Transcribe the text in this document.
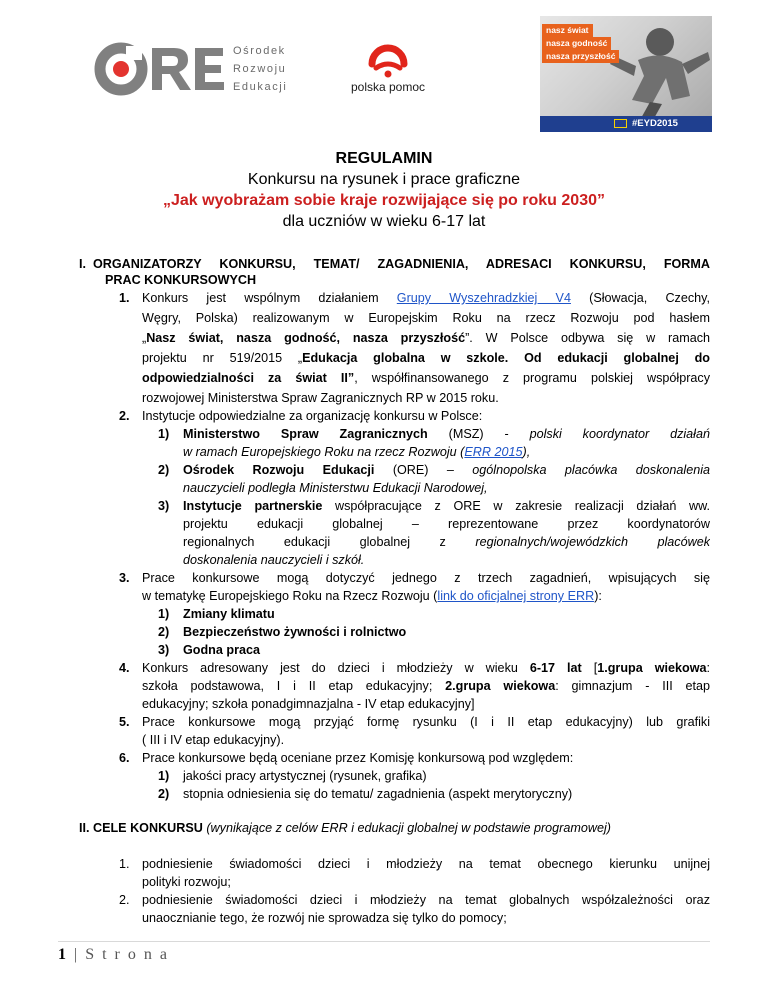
Ośrodek
Rozwoju
Edukacji	polska pomoc
nasz świat
nasza godność
nasza przyszłość
#EYD2015
REGULAMIN
Konkursu na rysunek i prace graficzne
„Jak wyobrażam sobie kraje rozwijające się po roku 2030”
dla uczniów w wieku 6-17 lat
I. ORGANIZATORZY KONKURSU, TEMAT/ ZAGADNIENIA, ADRESACI KONKURSU, FORMA
PRAC KONKURSOWYCH
1. Konkurs jest wspólnym działaniem Grupy Wyszehradzkiej V4 (Słowacja, Czechy,
Węgry, Polska) realizowanym w Europejskim Roku na rzecz Rozwoju pod hasłem
„Nasz świat, nasza godność, nasza przyszłość”. W Polsce odbywa się w ramach
projektu nr 519/2015 „Edukacja globalna w szkole. Od edukacji globalnej do
odpowiedzialności za świat II”, współfinansowanego z programu polskiej współpracy
rozwojowej Ministerstwa Spraw Zagranicznych RP w 2015 roku.
2. Instytucje odpowiedzialne za organizację konkursu w Polsce:
1) Ministerstwo Spraw Zagranicznych (MSZ) - polski koordynator działań
w ramach Europejskiego Roku na rzecz Rozwoju (ERR 2015),
2) Ośrodek Rozwoju Edukacji (ORE) – ogólnopolska placówka doskonalenia
nauczycieli podległa Ministerstwu Edukacji Narodowej,
3) Instytucje partnerskie współpracujące z ORE w zakresie realizacji działań ww.
projektu edukacji globalnej – reprezentowane przez koordynatorów
regionalnych edukacji globalnej z regionalnych/wojewódzkich placówek
doskonalenia nauczycieli i szkół.
3. Prace konkursowe mogą dotyczyć jednego z trzech zagadnień, wpisujących się
w tematykę Europejskiego Roku na Rzecz Rozwoju (link do oficjalnej strony ERR):
1) Zmiany klimatu
2) Bezpieczeństwo żywności i rolnictwo
3) Godna praca
4. Konkurs adresowany jest do dzieci i młodzieży w wieku 6-17 lat [1.grupa wiekowa:
szkoła podstawowa, I i II etap edukacyjny; 2.grupa wiekowa: gimnazjum - III etap
edukacyjny; szkoła ponadgimnazjalna - IV etap edukacyjny]
5. Prace konkursowe mogą przyjąć formę rysunku (I i II etap edukacyjny) lub grafiki
( III i IV etap edukacyjny).
6. Prace konkursowe będą oceniane przez Komisję konkursową pod względem:
1) jakości pracy artystycznej (rysunek, grafika)
2) stopnia odniesienia się do tematu/ zagadnienia (aspekt merytoryczny)
II. CELE KONKURSU (wynikające z celów ERR i edukacji globalnej w podstawie programowej)
1. podniesienie świadomości dzieci i młodzieży na temat obecnego kierunku unijnej
polityki rozwoju;
2. podniesienie świadomości dzieci i młodzieży na temat globalnych współzależności oraz
unaocznianie tego, że rozwój nie sprowadza się tylko do pomocy;
1 | S t r o n a
